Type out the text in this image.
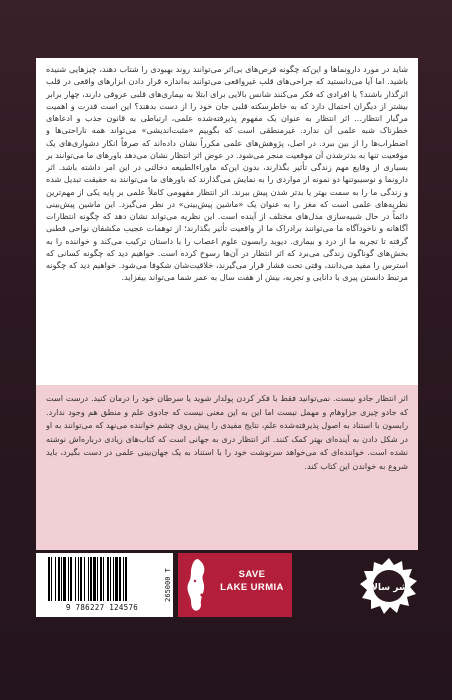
شاید در مورد دارونماها و این‌که چگونه قرص‌های بی‌اثر می‌توانند روند بهبودی را شتاب دهند، چیزهایی شنیده باشید. اما آیا می‌دانستید که جراحی‌های قلب غیرواقعی می‌توانند به‌اندازه قرار دادن ابزارهای واقعی در قلب اثرگذار باشند؟ یا افرادی که فکر می‌کنند شانس بالایی برای ابتلا به بیماری‌های قلبی عروقی دارند، چهار برابر بیشتر از دیگران احتمال دارد که به خاطرسکته قلبی جان خود را از دست بدهند؟ این است قدرت و اهمیت مرگبار انتظار… اثر انتظار به عنوان یک مفهوم پذیرفته‌شده علمی، ارتباطی به قانون جذب و ادعاهای خطرناک شبه علمی آن ندارد. غیرمنطقی است که بگوییم «مثبت‌اندیشی» می‌تواند همه ناراحتی‌ها و اضطراب‌ها را از بین ببرد. در اصل، پژوهش‌های علمی مکرراً نشان داده‌اند که صرفاً انکار دشواری‌های یک موقعیت تنها به بدترشدن آن موقعیت منجر می‌شود. در عوض اثر انتظار نشان می‌دهد باورهای ما می‌توانند بر بسیاری از وقایع مهم زندگی تأثیر بگذارند، بدون این‌که ماوراءالطبیعه دخالتی در این امر داشته باشد. اثر دارونما و نوسیبوتنها دو نمونه از مواردی را به نمایش می‌گذارند که باورهای ما می‌توانند به حقیقت تبدیل شده و زندگی ما را به سمت بهتر یا بدتر شدن پیش ببرند. اثر انتظار مفهومی کاملاً علمی بر پایه یکی از مهم‌ترین نظریه‌های علمی است که مغز را به عنوان یک «ماشین پیش‌بینی» در نظر می‌گیرد. این ماشین پیش‌بینی دائماً در حال شبیه‌سازی مدل‌های مختلف از آینده است. این نظریه می‌تواند نشان دهد که چگونه انتظارات آگاهانه و ناخودآگاه ما می‌توانند برادراک ما از واقعیت تأثیر بگذارند؛ از توهمات عجیب مکشفان نواحی قطبی گرفته تا تجربه ما از درد و بیماری. دیوید رابسون علوم اعصاب را با داستان ترکیب می‌کند و خواننده را به بخش‌های گوناگون زندگی می‌برد که اثر انتظار در آن‌ها رسوخ کرده است. خواهیم دید که چگونه کسانی که استرس را مفید می‌دانند، وقتی تحت فشار قرار می‌گیرند، خلاقیت‌شان شکوفا می‌شود. خواهیم دید که چگونه مرتبط دانستن پیری با دانایی و تجربه، بیش از هفت سال به عمر شما می‌تواند بیفزاید.

اثر انتظار جادو نیست. نمی‌توانید فقط با فکر کردن پولدار شوید یا سرطان خود را درمان کنید. درست است که جادو چیزی جزاوهام و مهمل نیست اما این به این معنی نیست که جادوی علم و منطق هم وجود ندارد. رابسون با استناد به اصول پذیرفته‌شده علم، نتایج مفیدی را پیش روی چشم خواننده می‌نهد که می‌توانند به او در شکل دادن به آینده‌ای بهتر کمک کنند. اثر انتظار دری به جهانی است که کتاب‌های زیادی درباره‌اش نوشته نشده است. خواننده‌ای که می‌خواهد سرنوشت خود را با استناد به یک جهان‌بینی علمی در دست بگیرد، باید شروع به خواندن این کتاب کند.

9 786227 124576
265000 T	SAVE
LAKE URMIA	نشر سالاد
